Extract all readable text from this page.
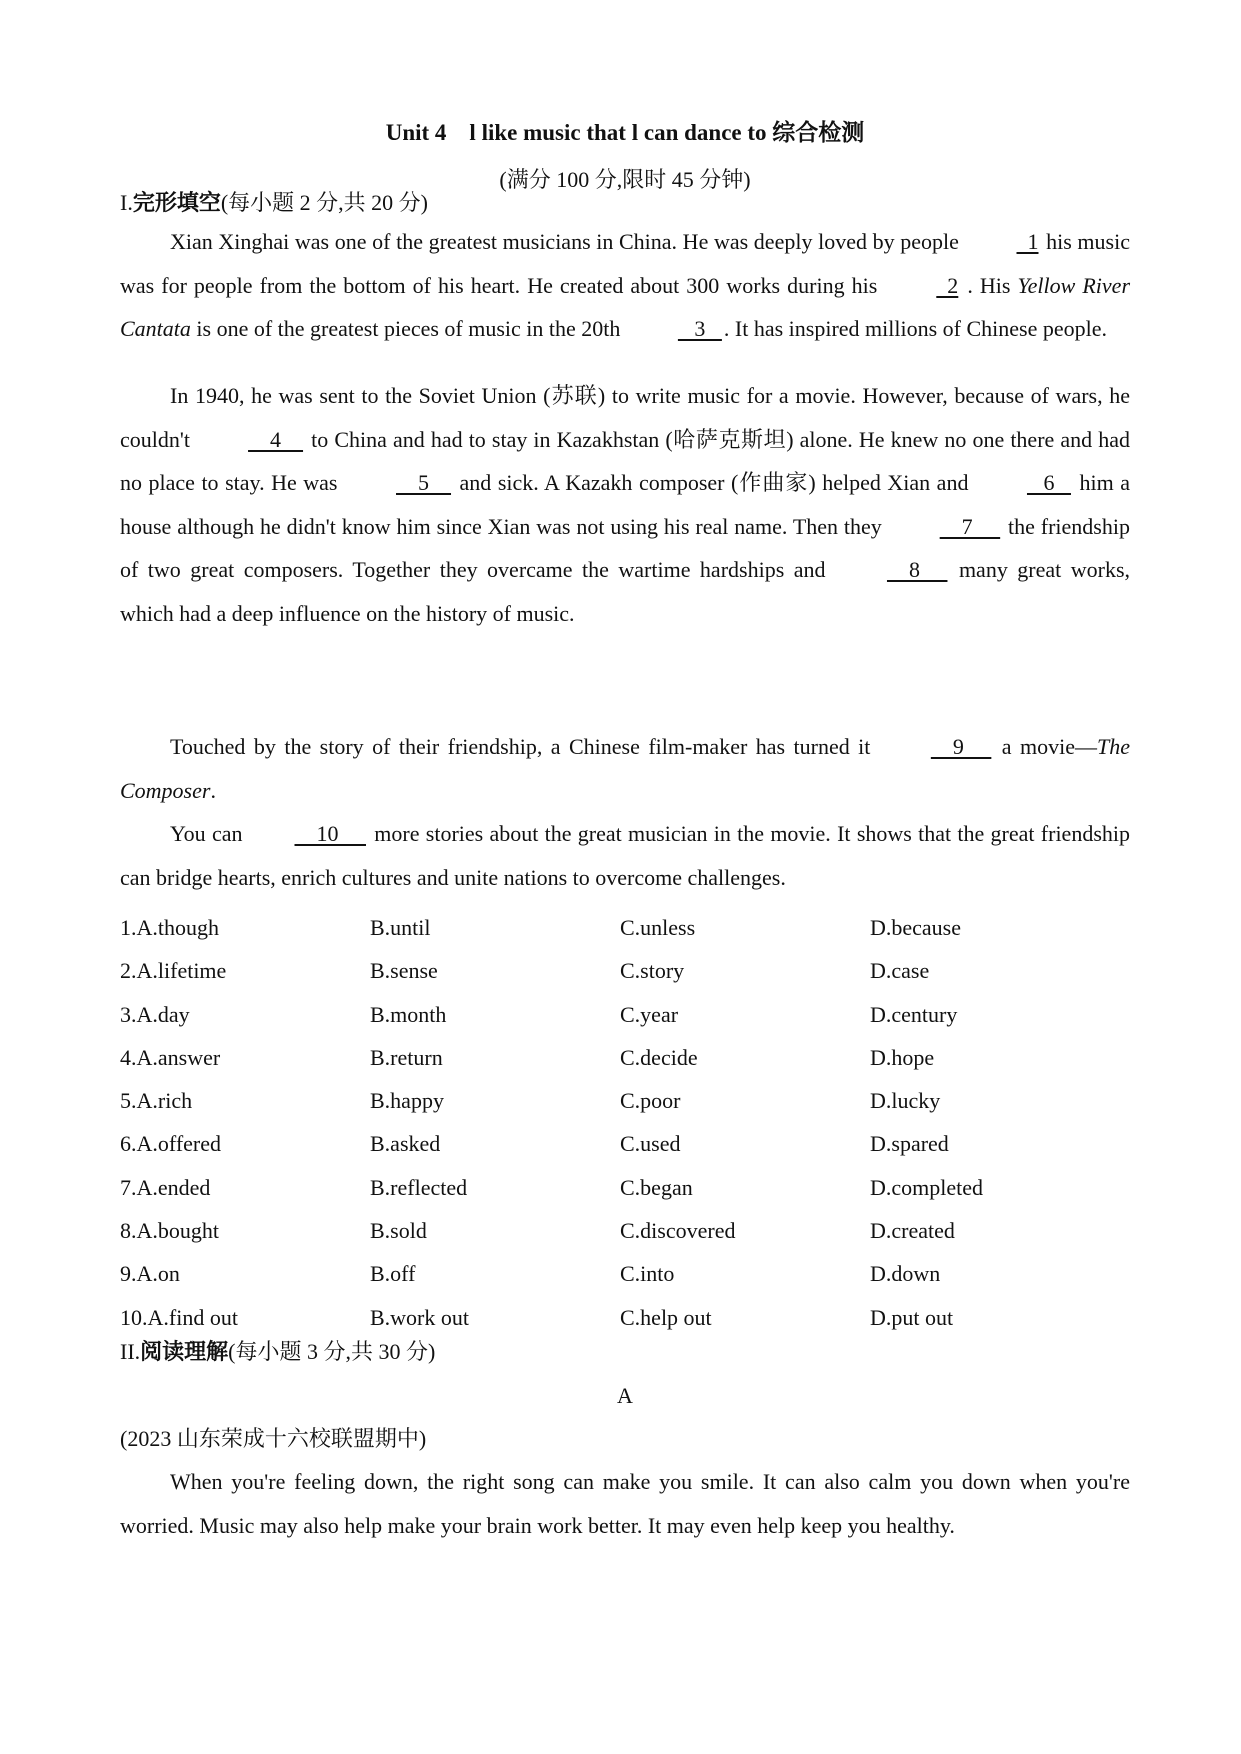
Unit 4　l like music that l can dance to 综合检测
(满分 100 分,限时 45 分钟)
I.完形填空(每小题 2 分,共 20 分)
Xian Xinghai was one of the greatest musicians in China. He was deeply loved by people   1 his music was for people from the bottom of his heart. He created about 300 works during his   2 . His Yellow River Cantata is one of the greatest pieces of music in the 20th    3   . It has inspired millions of Chinese people.
In 1940, he was sent to the Soviet Union (苏联) to write music for a movie. However, because of wars, he couldn't     4     to China and had to stay in Kazakhstan (哈萨克斯坦) alone. He knew no one there and had no place to stay. He was     5     and sick. A Kazakh composer (作曲家) helped Xian and    6    him a house although he didn't know him since Xian was not using his real name. Then they     7      the friendship of two great composers. Together they overcame the wartime hardships and     8      many great works, which had a deep influence on the history of music.
Touched by the story of their friendship, a Chinese film-maker has turned it     9      a movie—The Composer.
You can    10      more stories about the great musician in the movie. It shows that the great friendship can bridge hearts, enrich cultures and unite nations to overcome challenges.
1.A.though	B.until	C.unless	D.because
2.A.lifetime	B.sense	C.story	D.case
3.A.day	B.month	C.year	D.century
4.A.answer	B.return	C.decide	D.hope
5.A.rich	B.happy	C.poor	D.lucky
6.A.offered	B.asked	C.used	D.spared
7.A.ended	B.reflected	C.began	D.completed
8.A.bought	B.sold	C.discovered	D.created
9.A.on	B.off	C.into	D.down
10.A.find out	B.work out	C.help out	D.put out
II.阅读理解(每小题 3 分,共 30 分)
A
(2023 山东荣成十六校联盟期中)
When you're feeling down, the right song can make you smile. It can also calm you down when you're worried. Music may also help make your brain work better. It may even help keep you healthy.
